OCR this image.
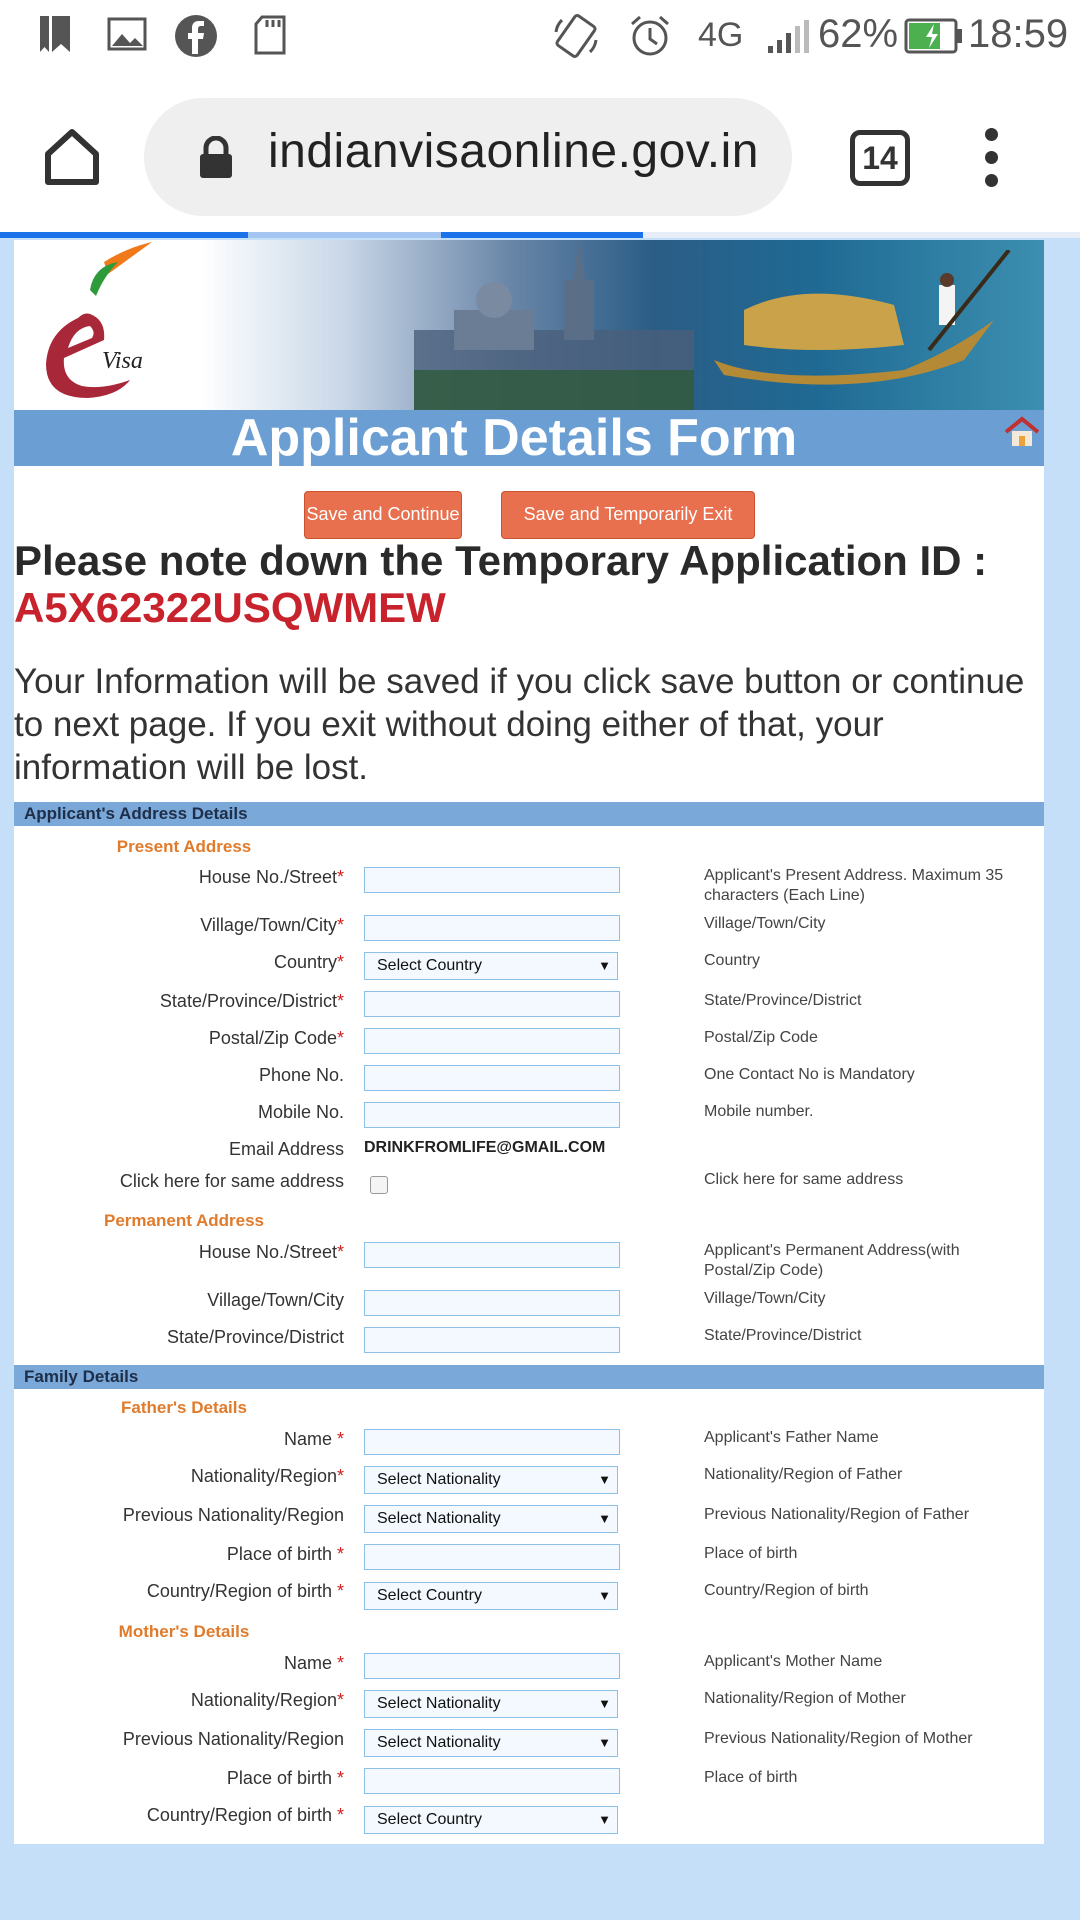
4G 62% 18:59
indianvisaonline.gov.in	14
Visa
Applicant Details Form
Save and Continue	Save and Temporarily Exit
Please note down the Temporary Application ID :
A5X62322USQWMEW
Your Information will be saved if you click save button or continue to next page. If you exit without doing either of that, your information will be lost.
Applicant's Address Details
Present Address
House No./Street*	Applicant's Present Address. Maximum 35 characters (Each Line)
Village/Town/City*	Village/Town/City
Country*	Select Country	▼	Country
State/Province/District*	State/Province/District
Postal/Zip Code*	Postal/Zip Code
Phone No.	One Contact No is Mandatory
Mobile No.	Mobile number.
Email Address DRINKFROMLIFE@GMAIL.COM
Click here for same address	Click here for same address
Permanent Address
House No./Street*	Applicant's Permanent Address(with Postal/Zip Code)
Village/Town/City	Village/Town/City
State/Province/District	State/Province/District
Family Details
Father's Details
Name *	Applicant's Father Name
Nationality/Region*	Select Nationality	▼	Nationality/Region of Father
Previous Nationality/Region	Select Nationality	▼	Previous Nationality/Region of Father
Place of birth *	Place of birth
Country/Region of birth *	Select Country	▼	Country/Region of birth
Mother's Details
Name *	Applicant's Mother Name
Nationality/Region*	Select Nationality	▼	Nationality/Region of Mother
Previous Nationality/Region	Select Nationality	▼	Previous Nationality/Region of Mother
Place of birth *	Place of birth
Country/Region of birth *	Select Country	▼
